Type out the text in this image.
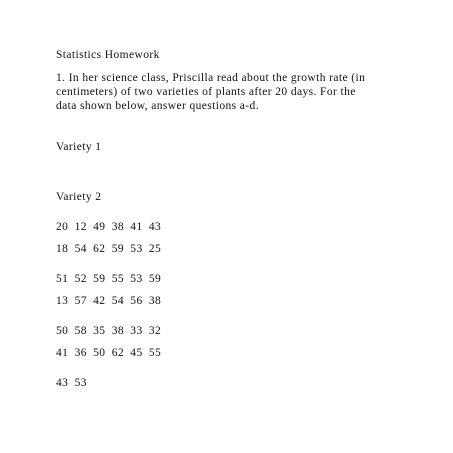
Statistics Homework
1. In her science class, Priscilla read about the growth rate (in
centimeters) of two varieties of plants after 20 days. For the
data shown below, answer questions a-d.
Variety 1
Variety 2
20 12 49 38 41 43
18 54 62 59 53 25
51 52 59 55 53 59
13 57 42 54 56 38
50 58 35 38 33 32
41 36 50 62 45 55
43 53
